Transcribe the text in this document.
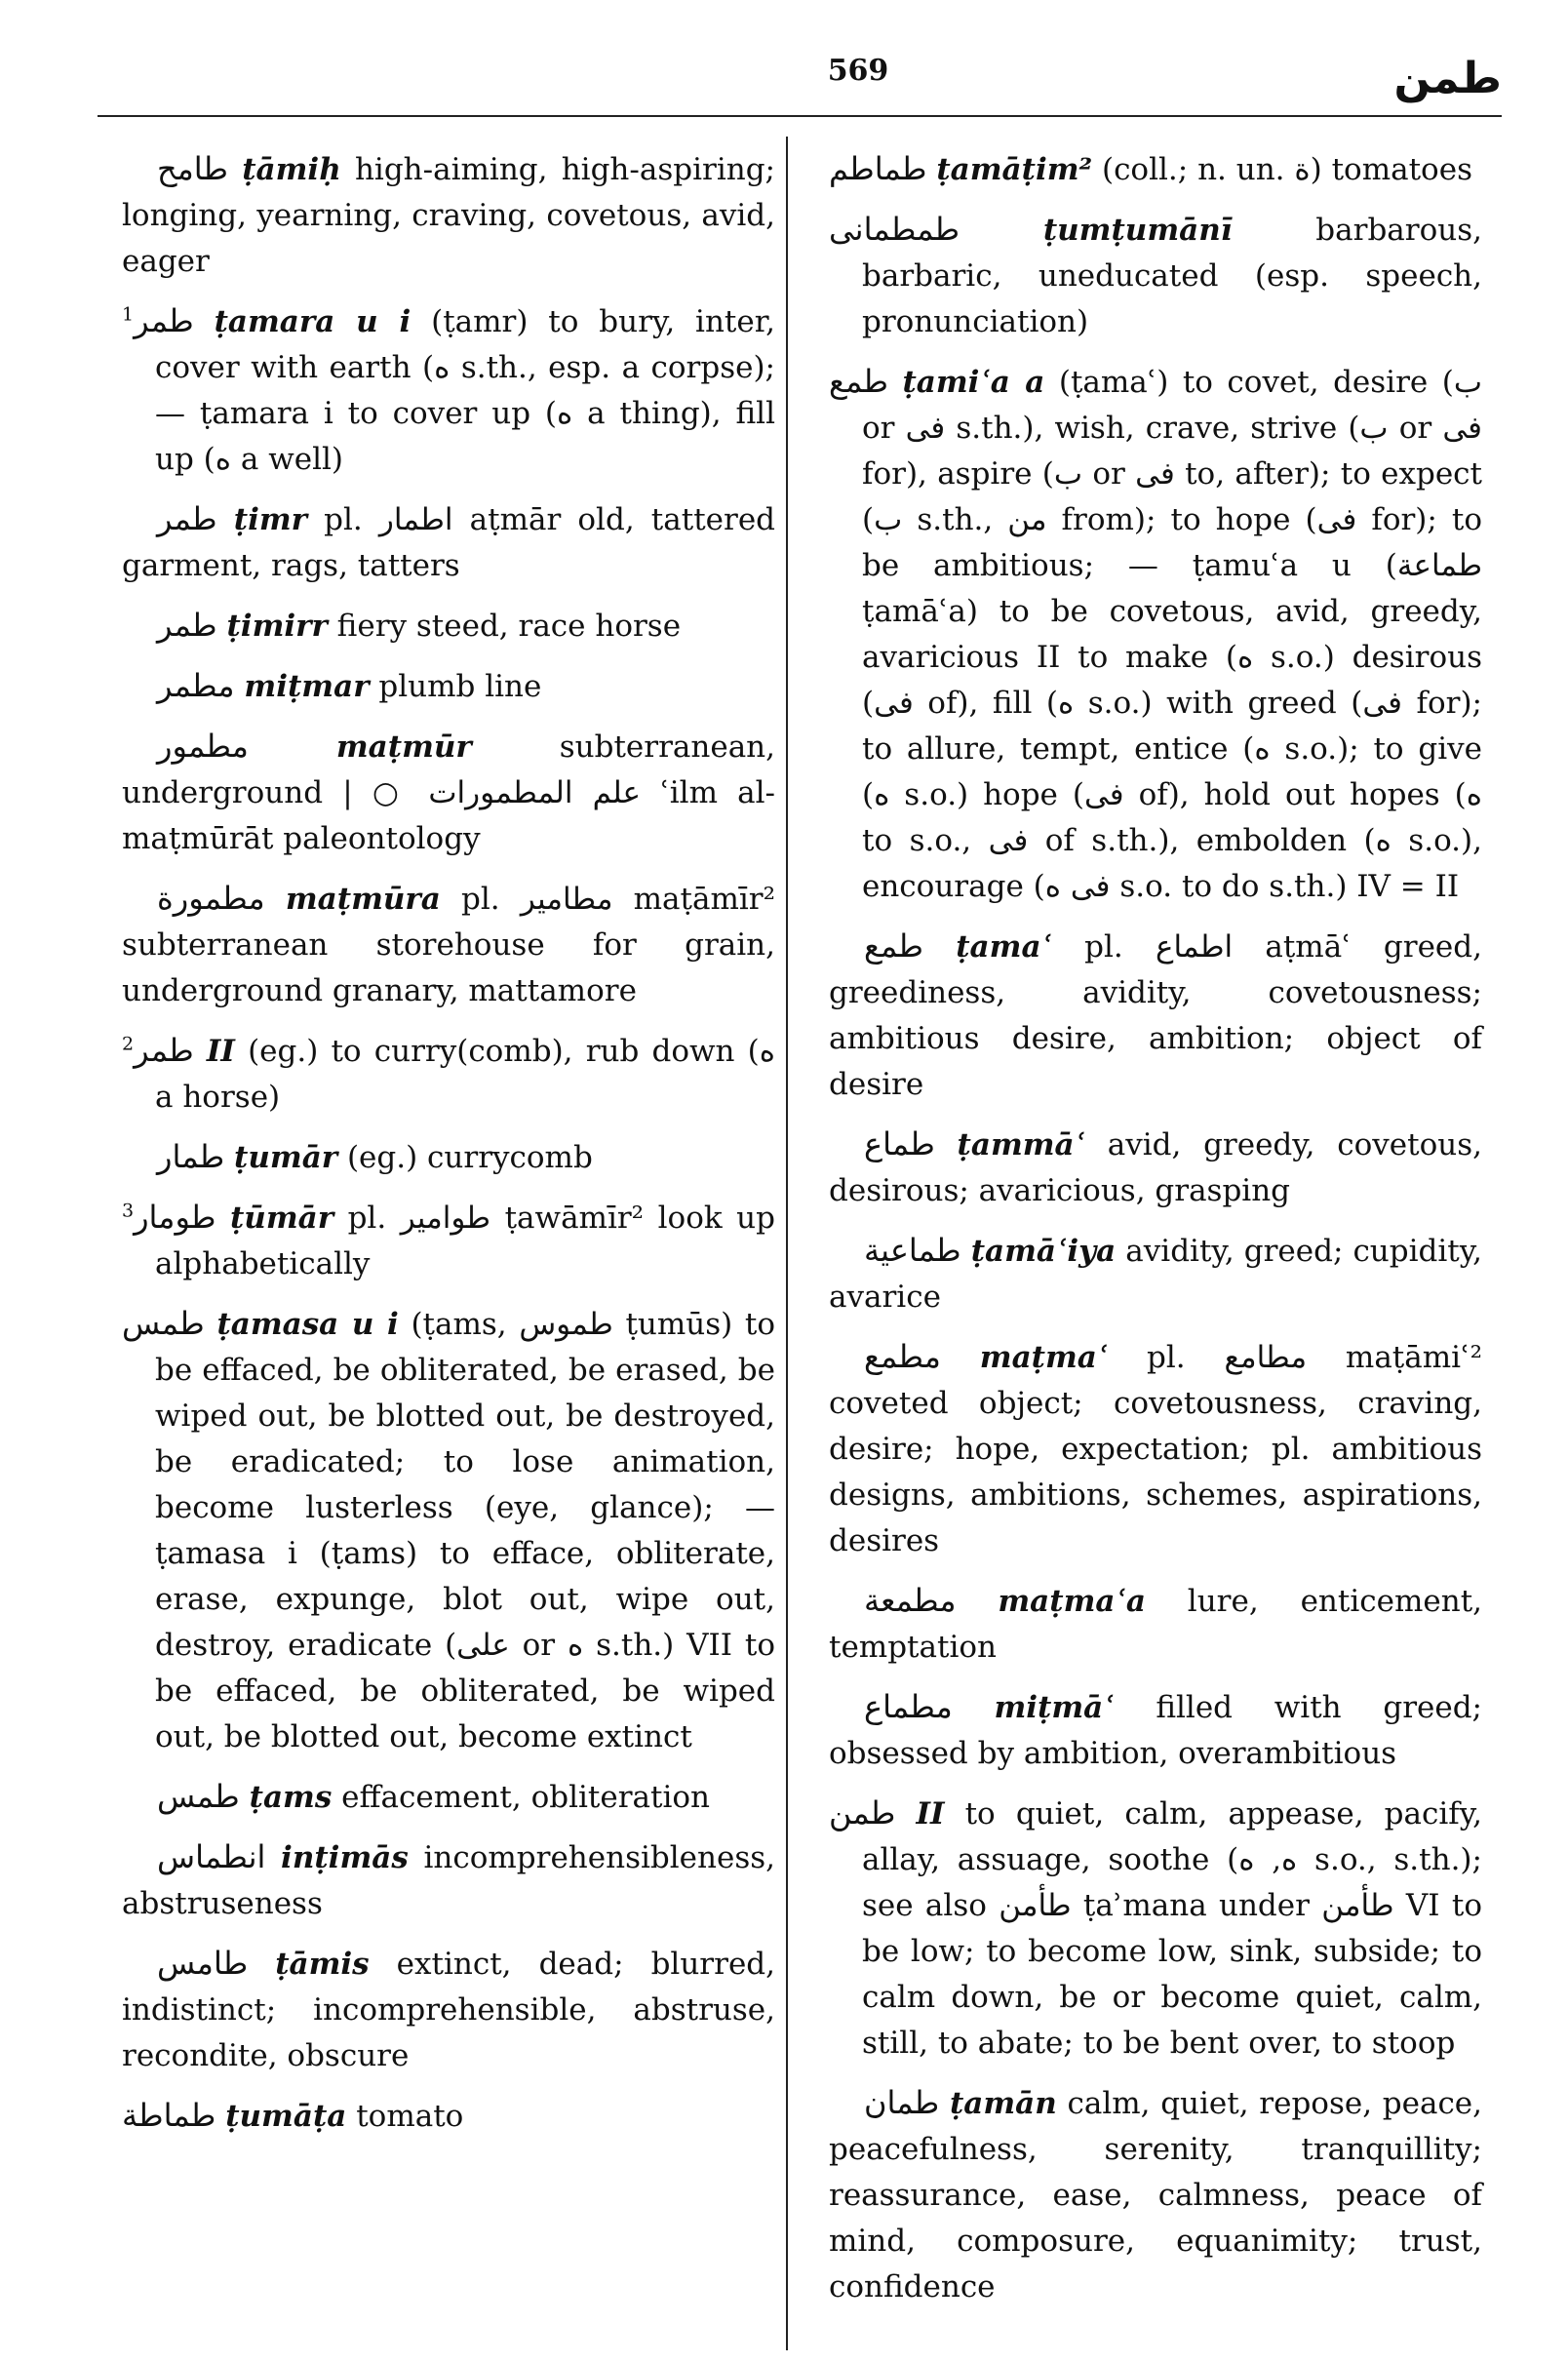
569	طمن
طامح ṭāmiḥ high-aiming, high-aspiring; longing, yearning, craving, covetous, avid, eager
$^1$طمر ṭamara u i (ṭamr) to bury, inter, cover with earth (ه s.th., esp. a corpse); — ṭamara i to cover up (ه a thing), fill up (ه a well)
طمر ṭimr pl. اطمار aṭmār old, tattered garment, rags, tatters
طمر ṭimirr fiery steed, race horse
مطمر miṭmar plumb line
مطمور	maṭmūr subterranean, underground | ○ علم المطمورات ʿilm al-maṭmūrāt paleontology
مطمورة maṭmūra pl. مطامير maṭāmīr² subterranean storehouse for grain, underground granary, mattamore
$^2$طمر II (eg.) to curry(comb), rub down (ه a horse)
طمار ṭumār (eg.) currycomb
$^3$طومار ṭūmār pl. طوامير ṭawāmīr² look up alphabetically
طمس ṭamasa u i (ṭams, طموس ṭumūs) to be effaced, be obliterated, be erased, be wiped out, be blotted out, be destroyed, be eradicated; to lose animation, become lusterless (eye, glance); — ṭamasa i (ṭams) to efface, obliterate, erase, expunge, blot out, wipe out, destroy, eradicate (على or ه s.th.) VII to be effaced, be obliterated, be wiped out, be blotted out, become extinct
طمس ṭams effacement, obliteration
انطماس inṭimās incomprehensibleness, abstruseness
طامس ṭāmis extinct, dead; blurred, indistinct; incomprehensible, abstruse, recondite, obscure
طماطة ṭumāṭa tomato
طماطم ṭamāṭim² (coll.; n. un. ة) tomatoes
طمطمانى	ṭumṭumānī barbarous, barbaric, uneducated (esp. speech, pronunciation)
طمع ṭamiʿa a (ṭamaʿ) to covet, desire (ب or فى s.th.), wish, crave, strive (ب or فى for), aspire (ب or فى to, after); to expect (ب s.th., من from); to hope (فى for); to be ambitious; — ṭamuʿa u (طماعة ṭamāʿa) to be covetous, avid, greedy, avaricious II to make (ه s.o.) desirous (فى of), fill (ه s.o.) with greed (فى for); to allure, tempt, entice (ه s.o.); to give (ه s.o.) hope (فى of), hold out hopes (ه to s.o., فى of s.th.), embolden (ه s.o.), encourage (فى ه s.o. to do s.th.) IV = II
طمع ṭamaʿ pl. اطماع aṭmāʿ greed, greediness, avidity, covetousness; ambitious desire, ambition; object of desire
طماع ṭammāʿ avid, greedy, covetous, desirous; avaricious, grasping
طماعية ṭamāʿiya avidity, greed; cupidity, avarice
مطمع maṭmaʿ pl. مطامع maṭāmiʿ² coveted object; covetousness, craving, desire; hope, expectation; pl. ambitious designs, ambitions, schemes, aspirations, desires
مطمعة maṭmaʿa lure, enticement, temptation
مطماع miṭmāʿ filled with greed; obsessed by ambition, overambitious
طمن II to quiet, calm, appease, pacify, allay, assuage, soothe (ه, ه s.o., s.th.); see also طأمن ṭaʾmana under طأمن VI to be low; to become low, sink, subside; to calm down, be or become quiet, calm, still, to abate; to be bent over, to stoop
طمان ṭamān calm, quiet, repose, peace, peacefulness, serenity, tranquillity; reassurance, ease, calmness, peace of mind, composure, equanimity; trust, confidence
